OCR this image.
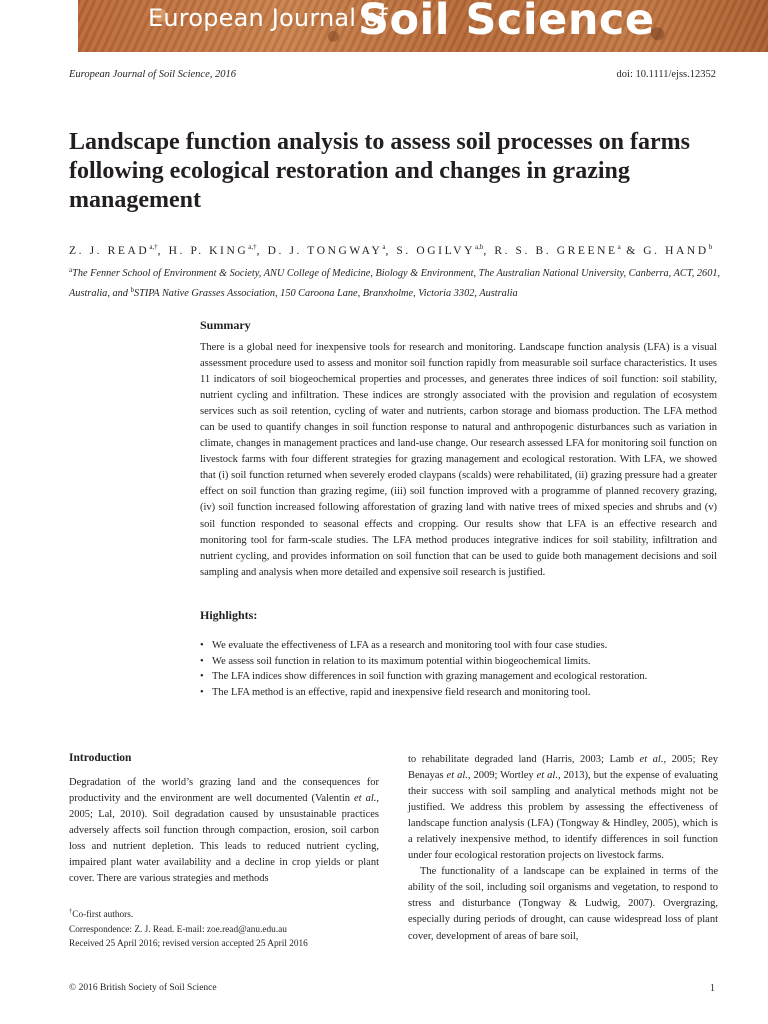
European Journal of
Soil Science
European Journal of Soil Science, 2016	doi: 10.1111/ejss.12352
Landscape function analysis to assess soil processes on farms following ecological restoration and changes in grazing management
Z. J. $READ^{a,\dagger}$, H. P. $KING^{a,\dagger}$, D. J. TONGWAY$^a$, S. OGILVY$^{a,b}$, R. S. B. GREENE$^a$ & G. HAND$^b$
$^a$The Fenner School of Environment & Society, ANU College of Medicine, Biology & Environment, The Australian National University, Canberra, ACT, 2601, Australia, and $^b$STIPA Native Grasses Association, 150 Caroona Lane, Branxholme, Victoria 3302, Australia
Summary

There is a global need for inexpensive tools for research and monitoring. Landscape function analysis (LFA) is a visual assessment procedure used to assess and monitor soil function rapidly from measurable soil surface characteristics. It uses 11 indicators of soil biogeochemical properties and processes, and generates three indices of soil function: soil stability, nutrient cycling and infiltration. These indices are strongly associated with the provision and regulation of ecosystem services such as soil retention, cycling of water and nutrients, carbon storage and biomass production. The LFA method can be used to quantify changes in soil function response to natural and anthropogenic disturbances such as variation in climate, changes in management practices and land-use change. Our research assessed LFA for monitoring soil function on livestock farms with four different strategies for grazing management and ecological restoration. With LFA, we showed that (i) soil function returned when severely eroded claypans (scalds) were rehabilitated, (ii) grazing pressure had a greater effect on soil function than grazing regime, (iii) soil function improved with a programme of planned recovery grazing, (iv) soil function increased following afforestation of grazing land with native trees of mixed species and shrubs and (v) soil function responded to seasonal effects and cropping. Our results show that LFA is an effective research and monitoring tool for farm-scale studies. The LFA method produces integrative indices for soil stability, infiltration and nutrient cycling, and provides information on soil function that can be used to guide both management decisions and soil sampling and analysis when more detailed and expensive soil research is justified.

Highlights:
• We evaluate the effectiveness of LFA as a research and monitoring tool with four case studies.
• We assess soil function in relation to its maximum potential within biogeochemical limits.
• The LFA indices show differences in soil function with grazing management and ecological restoration.
• The LFA method is an effective, rapid and inexpensive field research and monitoring tool.
Introduction

Degradation of the world’s grazing land and the consequences for productivity and the environment are well documented (Valentin et al., 2005; Lal, 2010). Soil degradation caused by unsustainable practices adversely affects soil function through compaction, erosion, soil carbon loss and nutrient depletion. This leads to reduced nutrient cycling, impaired plant water availability and a decline in crop yields or plant cover. There are various strategies and methods

to rehabilitate degraded land (Harris, 2003; Lamb et al., 2005; Rey Benayas et al., 2009; Wortley et al., 2013), but the expense of evaluating their success with soil sampling and analytical methods might not be justified. We address this problem by assessing the effectiveness of landscape function analysis (LFA) (Tongway & Hindley, 2005), which is a relatively inexpensive method, to identify differences in soil function under four ecological restoration projects on livestock farms.

The functionality of a landscape can be explained in terms of the ability of the soil, including soil organisms and vegetation, to respond to stress and disturbance (Tongway & Ludwig, 2007). Overgrazing, especially during periods of drought, can cause widespread loss of plant cover, development of areas of bare soil,

†Co-first authors.
Correspondence: Z. J. Read. E-mail: zoe.read@anu.edu.au
Received 25 April 2016; revised version accepted 25 April 2016
© 2016 British Society of Soil Science	1
